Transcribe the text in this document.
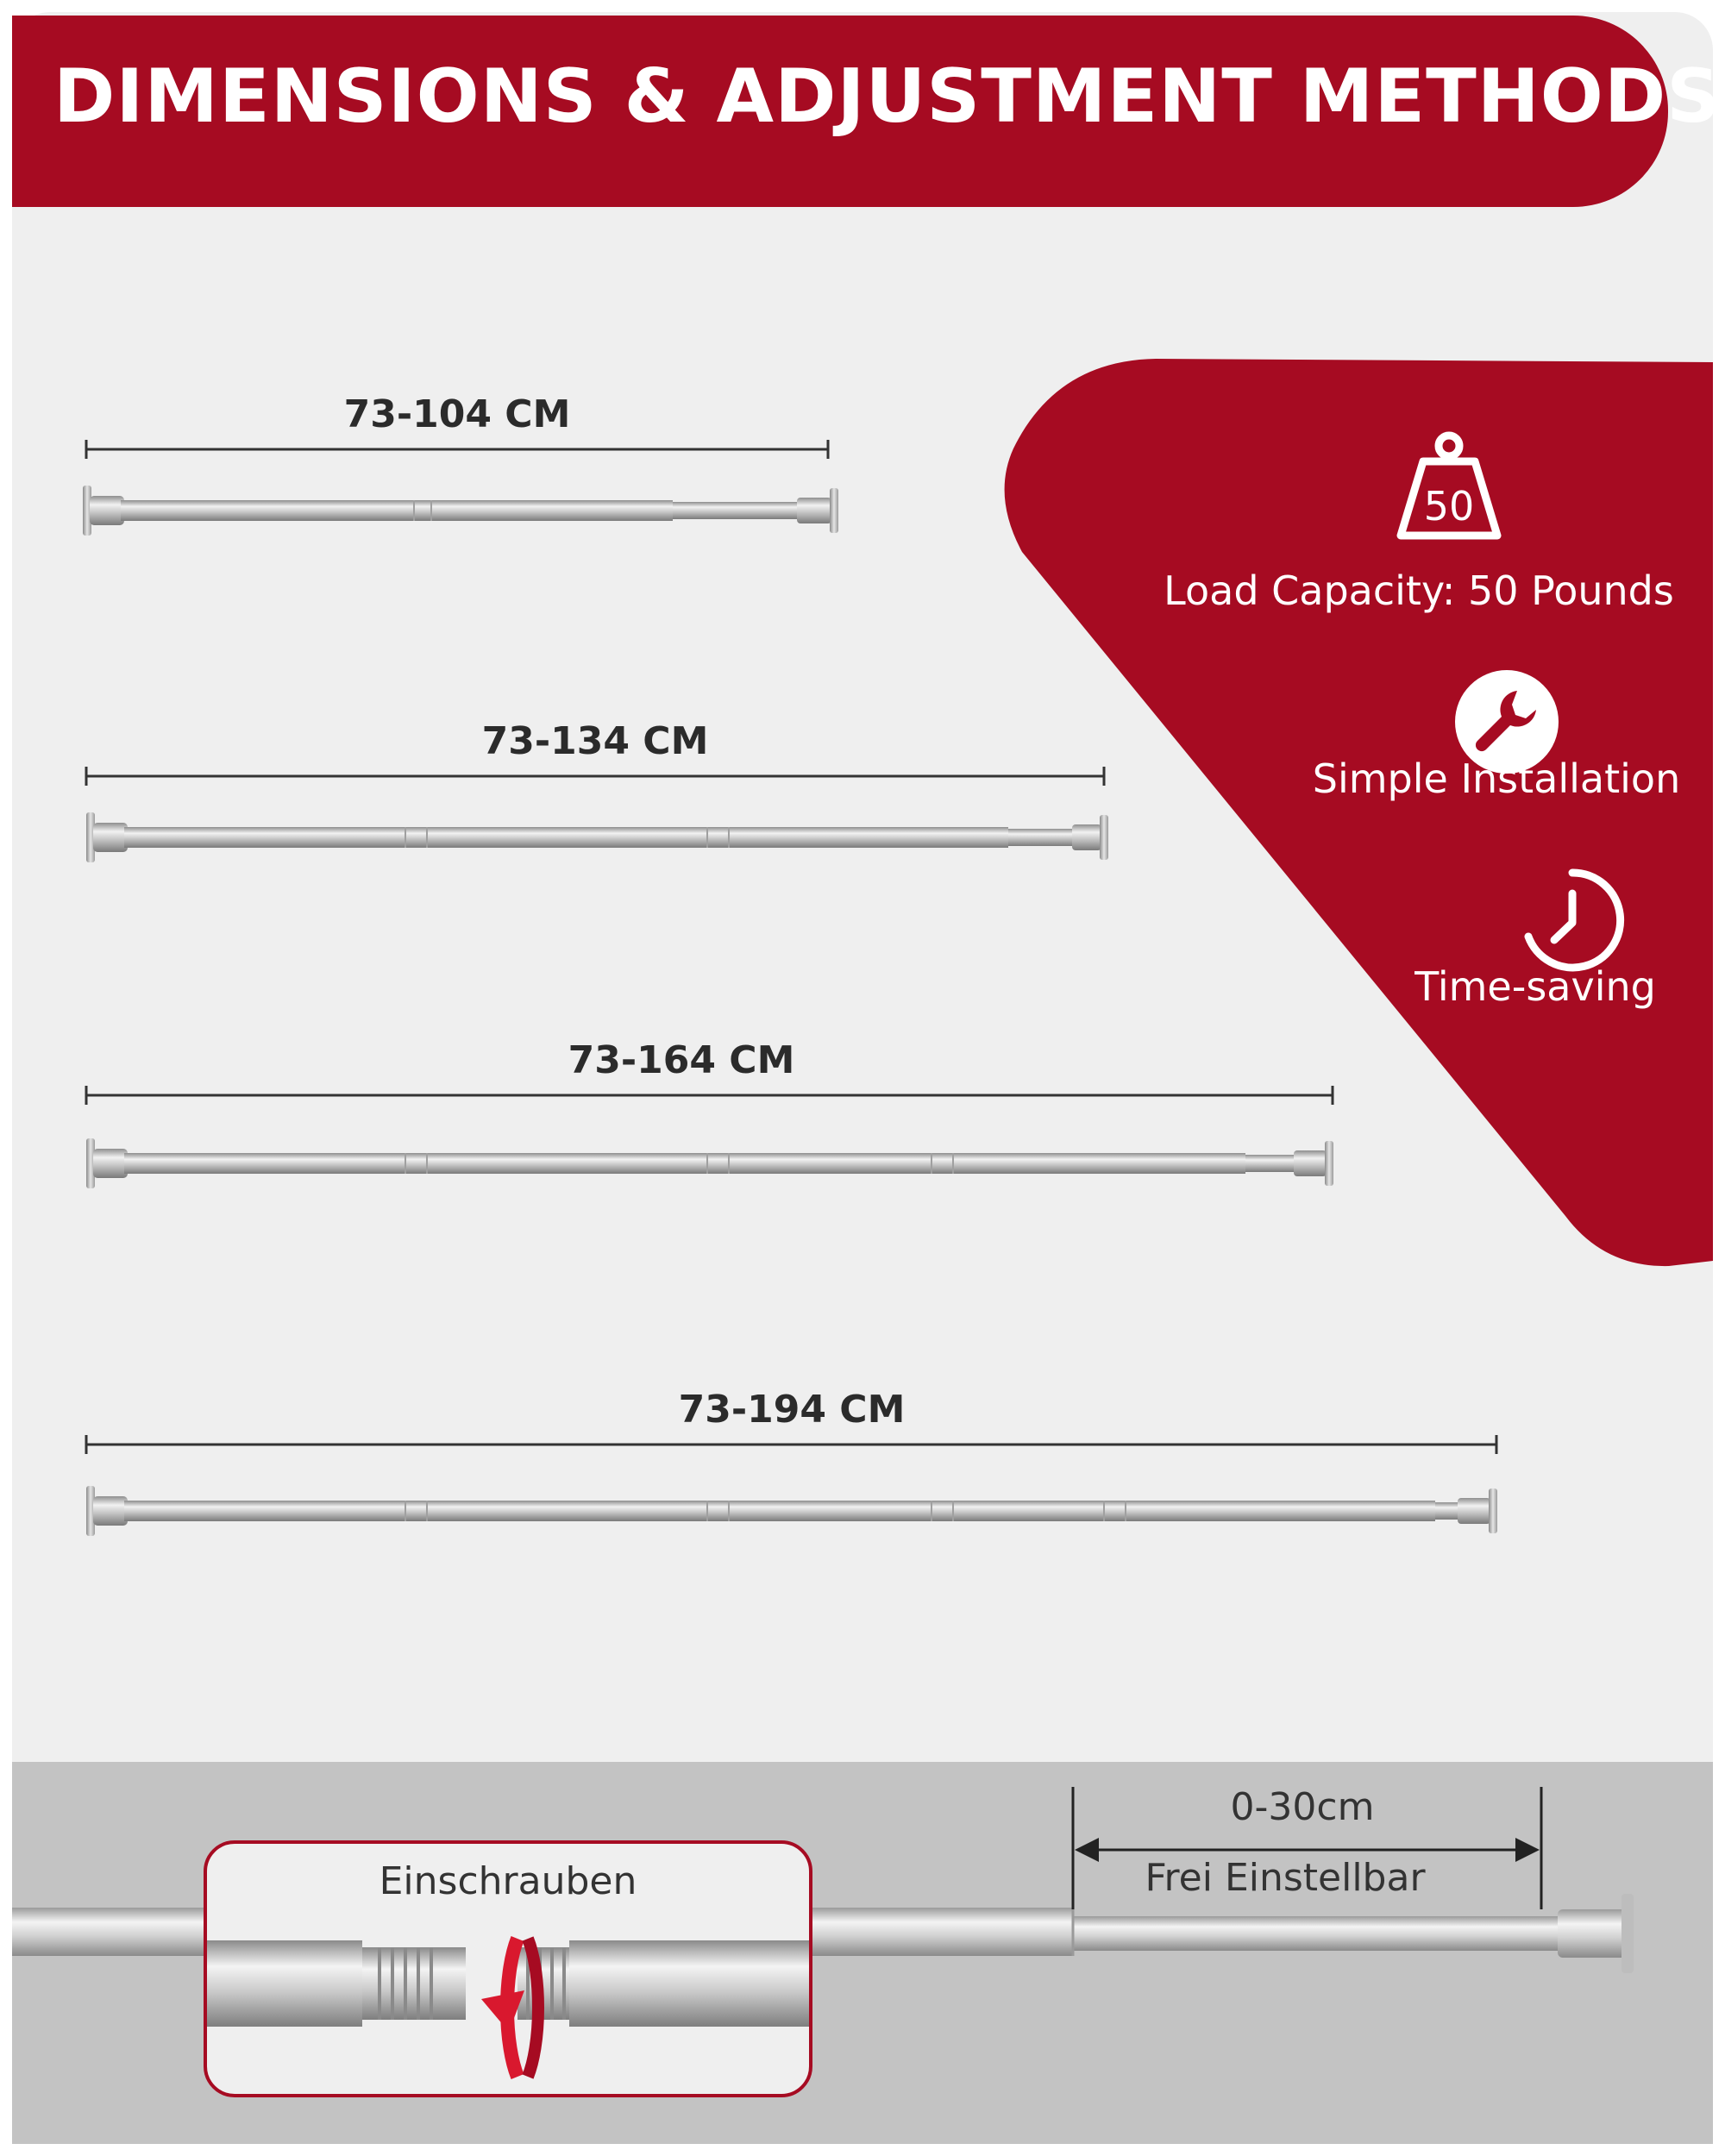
DIMENSIONS & ADJUSTMENT METHODS
73-104 CM
73-134 CM
73-164 CM
73-194 CM
50
Load Capacity: 50 Pounds
Simple Installation
Time-saving
Einschrauben
0-30cm
Frei Einstellbar
